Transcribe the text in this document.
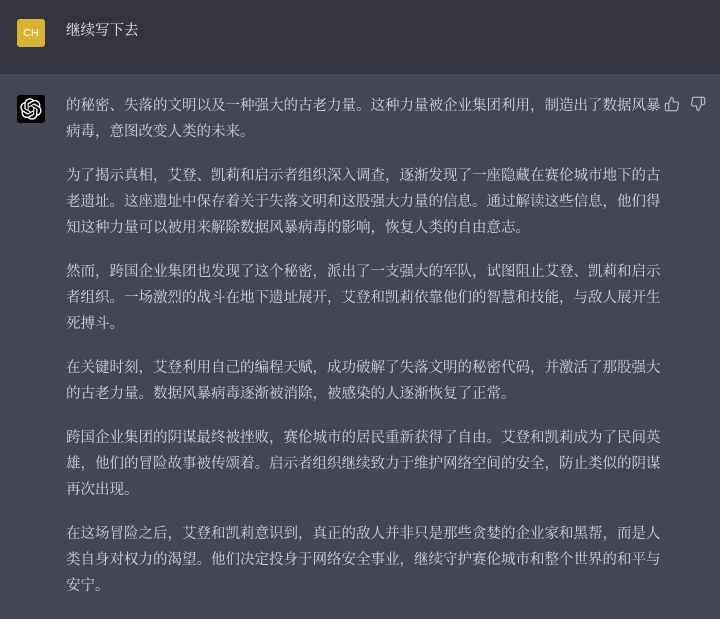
CH	继续写下去

的秘密、失落的文明以及一种强大的古老力量。这种力量被企业集团利用，制造出了数据风暴病毒，意图改变人类的未来。

为了揭示真相，艾登、凯莉和启示者组织深入调查，逐渐发现了一座隐藏在赛伦城市地下的古老遗址。这座遗址中保存着关于失落文明和这股强大力量的信息。通过解读这些信息，他们得知这种力量可以被用来解除数据风暴病毒的影响，恢复人类的自由意志。

然而，跨国企业集团也发现了这个秘密，派出了一支强大的军队，试图阻止艾登、凯莉和启示者组织。一场激烈的战斗在地下遗址展开，艾登和凯莉依靠他们的智慧和技能，与敌人展开生死搏斗。

在关键时刻，艾登利用自己的编程天赋，成功破解了失落文明的秘密代码，并激活了那股强大的古老力量。数据风暴病毒逐渐被消除，被感染的人逐渐恢复了正常。

跨国企业集团的阴谋最终被挫败，赛伦城市的居民重新获得了自由。艾登和凯莉成为了民间英雄，他们的冒险故事被传颂着。启示者组织继续致力于维护网络空间的安全，防止类似的阴谋再次出现。

在这场冒险之后，艾登和凯莉意识到，真正的敌人并非只是那些贪婪的企业家和黑帮，而是人类自身对权力的渴望。他们决定投身于网络安全事业，继续守护赛伦城市和整个世界的和平与安宁。
